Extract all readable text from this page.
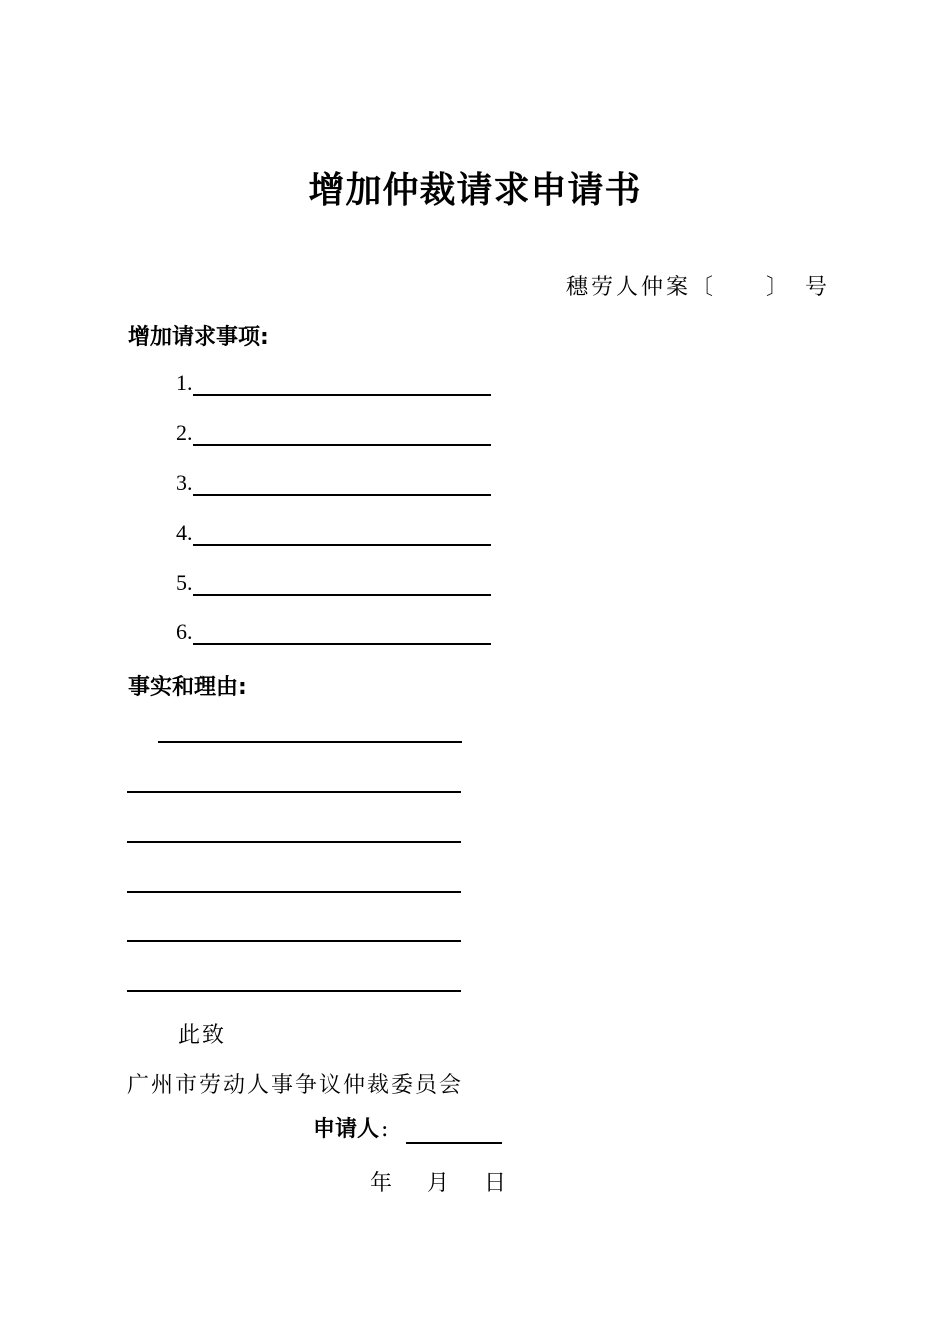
增加仲裁请求申请书
穗劳人仲案〔　　〕　号
增加请求事项:
1.
2.
3.
4.
5.
6.
事实和理由:
此致
广州市劳动人事争议仲裁委员会
申请人 :
年 月 日
